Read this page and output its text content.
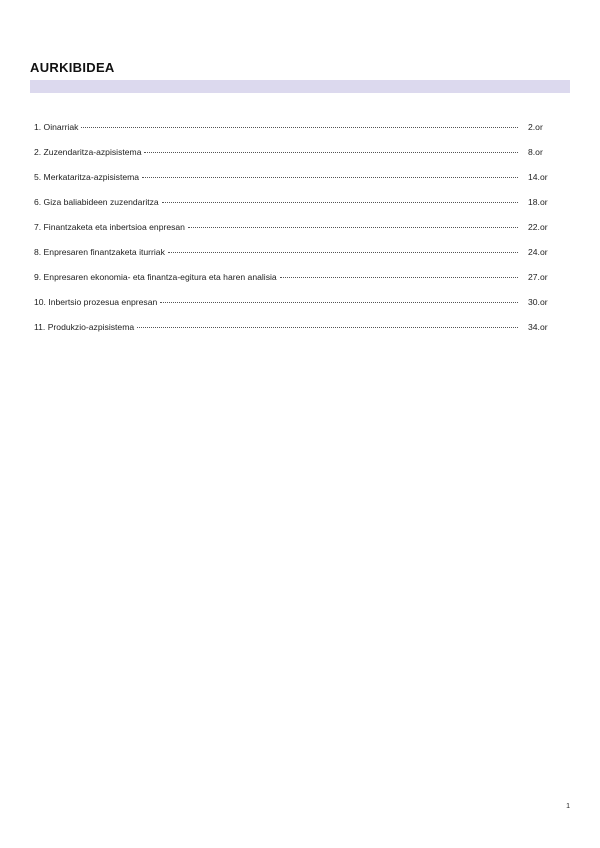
AURKIBIDEA
1. Oinarriak	2.or
2. Zuzendaritza-azpisistema	8.or
5. Merkataritza-azpisistema	14.or
6. Giza baliabideen zuzendaritza	18.or
7. Finantzaketa eta inbertsioa enpresan	22.or
8. Enpresaren finantzaketa iturriak	24.or
9. Enpresaren ekonomia- eta finantza-egitura eta haren analisia	27.or
10. Inbertsio prozesua enpresan	30.or
11. Produkzio-azpisistema	34.or
1
